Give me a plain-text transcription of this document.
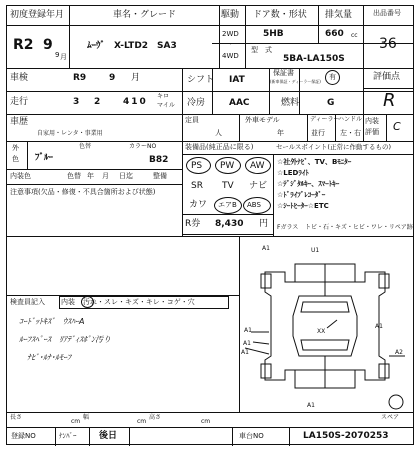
初度登録年月
R2 9
9 月
車名・グレード
ﾑｰｳﾞ　X-LTD2　SA3
駆動
2WD
・
4WD
ドア数・形状
5HB
排気量
660 cc
型　式
5BA-LA150S
出品番号
36
車検	R9	9 月	シフト IAT
保証書
(新車保証・ディーラー保証)
有	評価点
R
走行	3 2	410
キロ
マイル 冷房	AAC	燃料	G
車歴
自家用・レンタ・事業用
定員
人
外車モデル
年
ディーラー
並行
ハンドル
左・右
内装
評価 C
外
色 ﾌﾞﾙｰ
色替	カラーNO
B82
内装色	色替 年 月 日迄	整備
注意事項(欠品・修復・不具合箇所および状態)
装備品(純正品に限る)
PS PW AW
SR TV ナビ
カワ エアB ABS
R券 8,430 円
セールスポイント(正常に作動するもの)
☆社外ﾅﾋﾞ、TV、Bﾓﾆﾀｰ
☆LEDﾗｲﾄ
☆ﾃﾞｼﾞﾀﾙｷｰ、ｽﾏｰﾄｷｰ
☆ﾄﾞﾗｲﾌﾞﾚｺｰﾀﾞｰ
☆ｼｰﾄﾋｰﾀｰ☆ETC
Fガラス トビ・石・キズ・ヒビ・ワレ・リペア跡
検査員記入 内装 汚れ・スレ・キズ・キレ・コゲ・穴
ｺｰﾄﾞｯﾄｷｽﾞ　ｳｽﾊｰA
ﾙｰﾌｽﾍﾟｰｽ　ﾘｱﾃﾞｨｽﾎﾟﾝ汚り
ﾅﾋﾞ･ﾙﾅ･ﾙﾓｰﾌ
A1	U1
XX
A1
A1
A2
A1
A1
A1
スペア
長さ
cm
幅
cm
高さ
cm
登録NO	ﾅﾝﾊﾞｰ	後日	車台NO	LA150S-2070253
